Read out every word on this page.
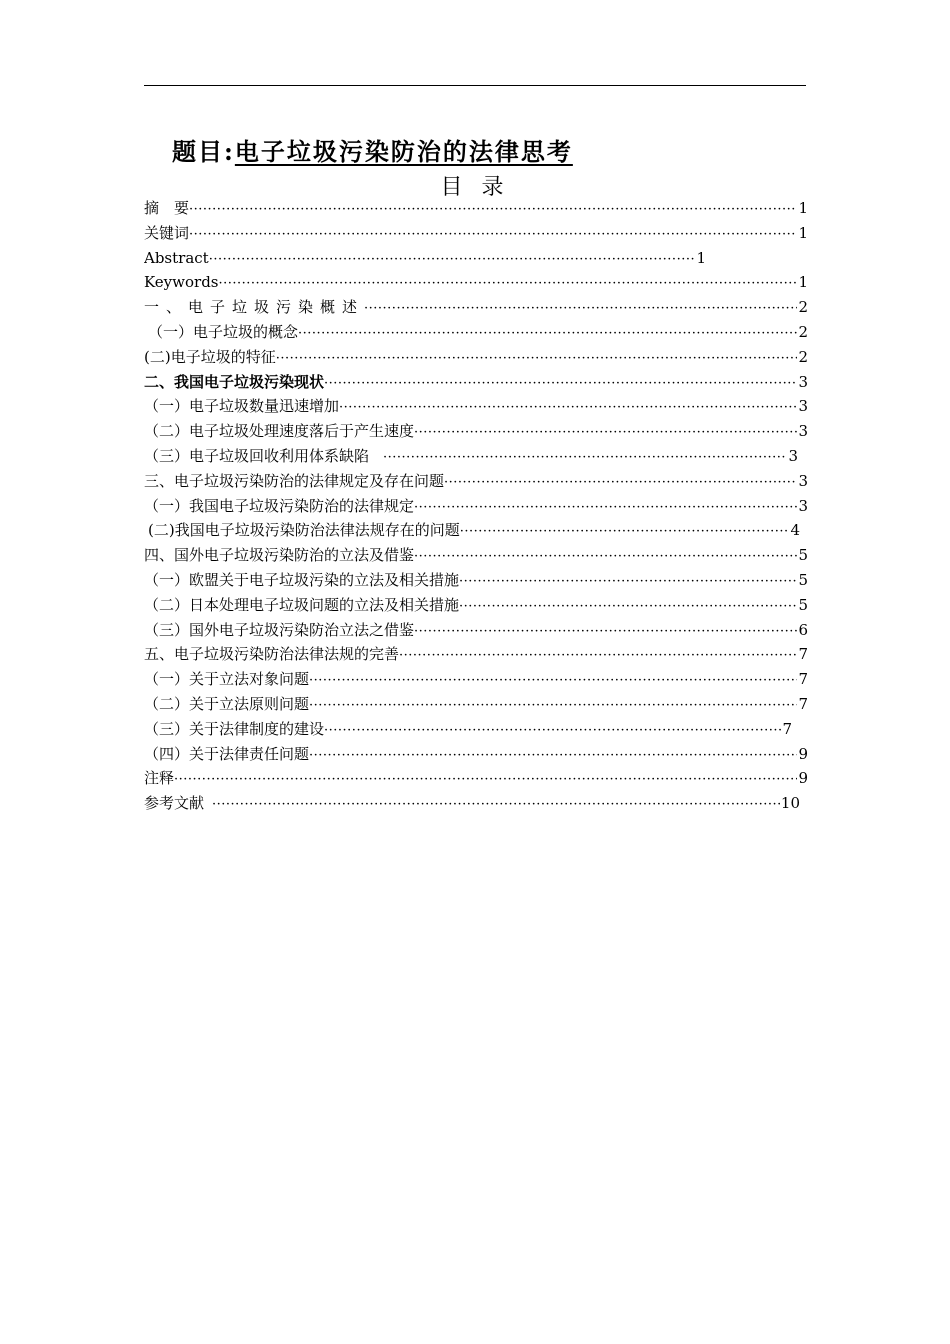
题目:电子垃圾污染防治的法律思考
目 录
摘　要 ·····	1
关键词 ·····	1
Abstract ·····	1
Keywords ·····	1
一、电子垃圾污染概述 ·····	2
（一）电子垃圾的概念 ·····	2
(二)电子垃圾的特征 ·····	2
二、我国电子垃圾污染现状 ·····	3
（一）电子垃圾数量迅速增加 ·····	3
（二）电子垃圾处理速度落后于产生速度 ·····	3
（三）电子垃圾回收利用体系缺陷 ·····	3
三、电子垃圾污染防治的法律规定及存在问题 ·····	3
（一）我国电子垃圾污染防治的法律规定 ·····	3
(二)我国电子垃圾污染防治法律法规存在的问题 ·····	4
四、国外电子垃圾污染防治的立法及借鉴 ·····	5
（一）欧盟关于电子垃圾污染的立法及相关措施 ·····	5
（二）日本处理电子垃圾问题的立法及相关措施 ·····	5
（三）国外电子垃圾污染防治立法之借鉴 ·····	6
五、电子垃圾污染防治法律法规的完善 ·····	7
（一）关于立法对象问题 ·····	7
（二）关于立法原则问题 ·····	7
（三）关于法律制度的建设 ·····	7
（四）关于法律责任问题 ·····	9
注释 ·····	9
参考文献 ·····	10
